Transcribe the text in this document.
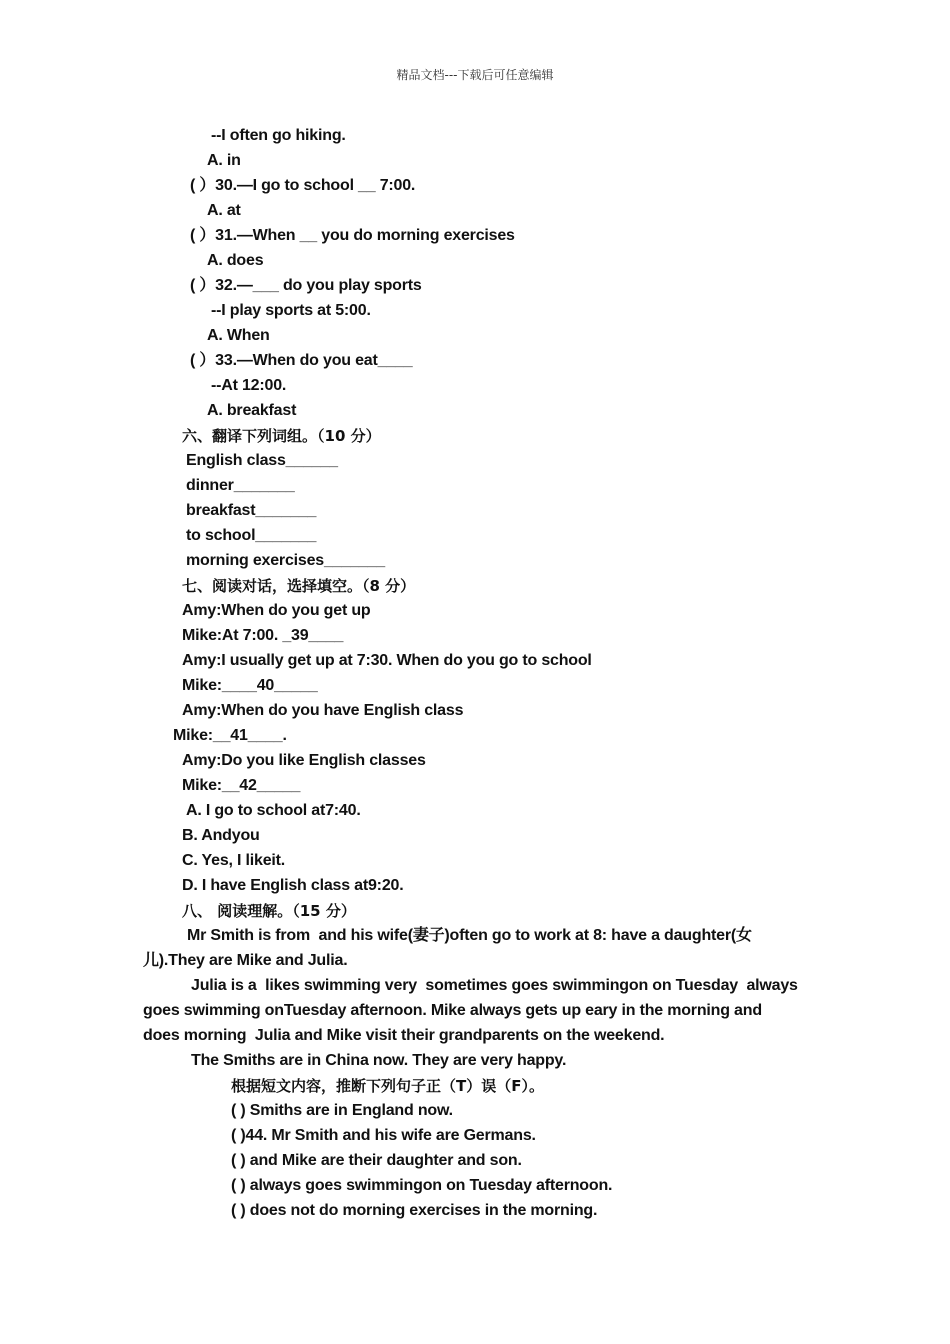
精品文档---下载后可任意编辑
--I often go hiking.
A. in
( ）30.—I go to school __ 7:00.
A. at
( ）31.—When __ you do morning exercises
A. does
( ）32.—___ do you play sports
--I play sports at 5:00.
A. When
( ）33.—When do you eat____
--At 12:00.
A. breakfast
六、翻译下列词组。（10 分）
English class______
dinner_______
breakfast_______
to school_______
morning exercises_______
七、阅读对话，选择填空。（8 分）
Amy:When do you get up
Mike:At 7:00. _39____
Amy:I usually get up at 7:30. When do you go to school
Mike:____40_____
Amy:When do you have English class
Mike:__41____.
Amy:Do you like English classes
Mike:__42_____
A. I go to school at7:40.
B. Andyou
C. Yes, I likeit.
D. I have English class at9:20.
八、 阅读理解。（15 分）
Mr Smith is from  and his wife(妻子)often go to work at 8: have a daughter(女
儿).They are Mike and Julia.
Julia is a  likes swimming very  sometimes goes swimmingon on Tuesday  always
goes swimming onTuesday afternoon. Mike always gets up eary in the morning and
does morning  Julia and Mike visit their grandparents on the weekend.
The Smiths are in China now. They are very happy.
根据短文内容，推断下列句子正（T）误（F）。
( ) Smiths are in England now.
( )44. Mr Smith and his wife are Germans.
( ) and Mike are their daughter and son.
( ) always goes swimmingon on Tuesday afternoon.
( ) does not do morning exercises in the morning.
